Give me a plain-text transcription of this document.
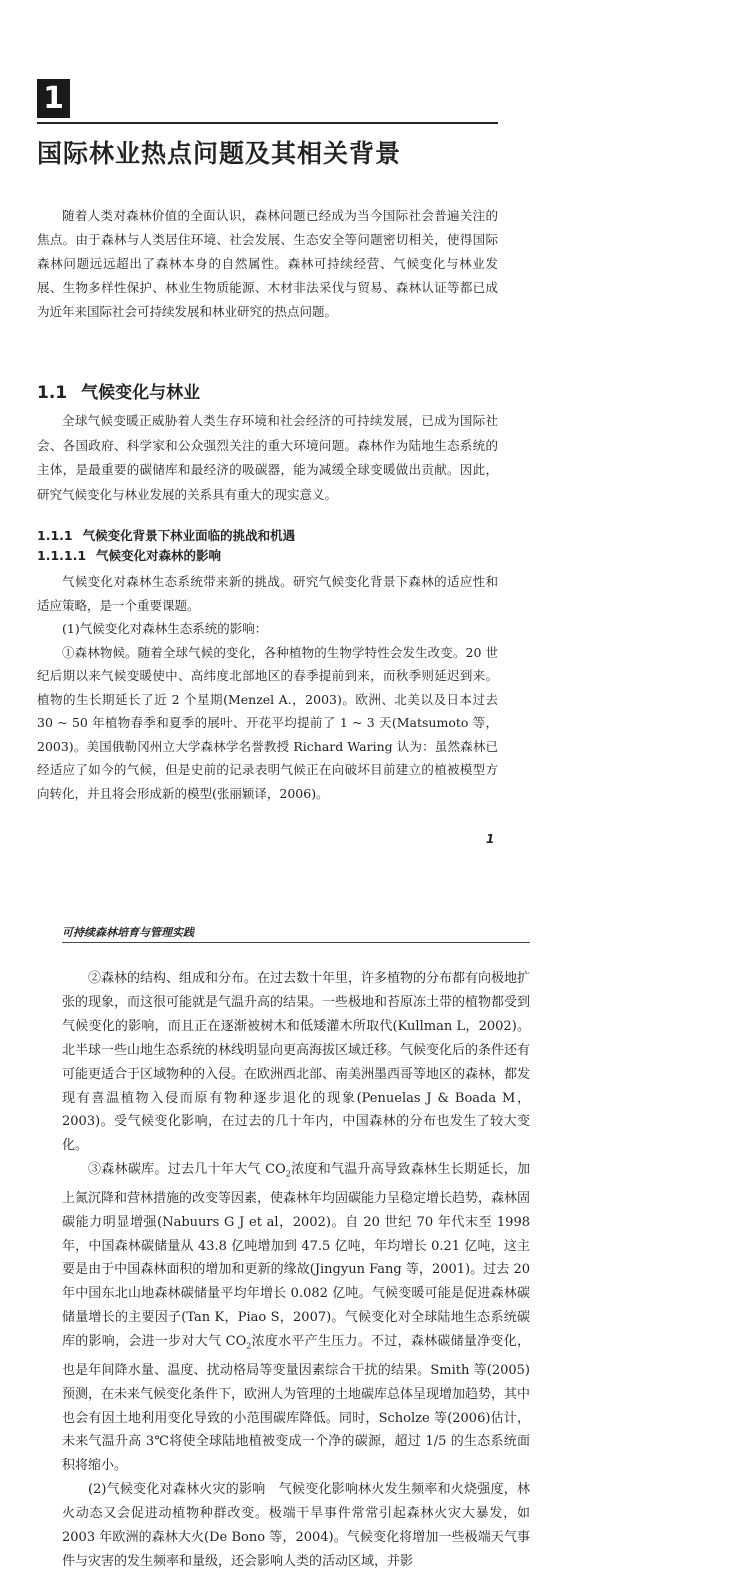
1
国际林业热点问题及其相关背景

随着人类对森林价值的全面认识，森林问题已经成为当今国际社会普遍关注的焦点。由于森林与人类居住环境、社会发展、生态安全等问题密切相关，使得国际森林问题远远超出了森林本身的自然属性。森林可持续经营、气候变化与林业发展、生物多样性保护、林业生物质能源、木材非法采伐与贸易、森林认证等都已成为近年来国际社会可持续发展和林业研究的热点问题。

1.1 气候变化与林业

全球气候变暖正威胁着人类生存环境和社会经济的可持续发展，已成为国际社会、各国政府、科学家和公众强烈关注的重大环境问题。森林作为陆地生态系统的主体，是最重要的碳储库和最经济的吸碳器，能为减缓全球变暖做出贡献。因此，研究气候变化与林业发展的关系具有重大的现实意义。

1.1.1 气候变化背景下林业面临的挑战和机遇
1.1.1.1 气候变化对森林的影响

气候变化对森林生态系统带来新的挑战。研究气候变化背景下森林的适应性和适应策略，是一个重要课题。

(1)气候变化对森林生态系统的影响：

①森林物候。随着全球气候的变化，各种植物的生物学特性会发生改变。20 世纪后期以来气候变暖使中、高纬度北部地区的春季提前到来，而秋季则延迟到来。植物的生长期延长了近 2 个星期(Menzel A.，2003)。欧洲、北美以及日本过去 30 ~ 50 年植物春季和夏季的展叶、开花平均提前了 1 ~ 3 天(Matsumoto 等，2003)。美国俄勒冈州立大学森林学名誉教授 Richard Waring 认为：虽然森林已经适应了如今的气候，但是史前的记录表明气候正在向破坏目前建立的植被模型方向转化，并且将会形成新的模型(张丽颖译，2006)。

1
可持续森林培育与管理实践

②森林的结构、组成和分布。在过去数十年里，许多植物的分布都有向极地扩张的现象，而这很可能就是气温升高的结果。一些极地和苔原冻土带的植物都受到气候变化的影响，而且正在逐渐被树木和低矮灌木所取代(Kullman L，2002)。北半球一些山地生态系统的林线明显向更高海拔区域迁移。气候变化后的条件还有可能更适合于区域物种的入侵。在欧洲西北部、南美洲墨西哥等地区的森林，都发现有喜温植物入侵而原有物种逐步退化的现象(Penuelas J & Boada M，2003)。受气候变化影响，在过去的几十年内，中国森林的分布也发生了较大变化。

③森林碳库。过去几十年大气 $CO_2$浓度和气温升高导致森林生长期延长，加上氮沉降和营林措施的改变等因素，使森林年均固碳能力呈稳定增长趋势，森林固碳能力明显增强(Nabuurs G J et al，2002)。自 20 世纪 70 年代末至 1998 年，中国森林碳储量从 43.8 亿吨增加到 47.5 亿吨，年均增长 0.21 亿吨，这主要是由于中国森林面积的增加和更新的缘故(Jingyun Fang 等，2001)。过去 20 年中国东北山地森林碳储量平均年增长 0.082 亿吨。气候变暖可能是促进森林碳储量增长的主要因子(Tan K，Piao S，2007)。气候变化对全球陆地生态系统碳库的影响，会进一步对大气 $CO_2$浓度水平产生压力。不过，森林碳储量净变化，也是年间降水量、温度、扰动格局等变量因素综合干扰的结果。Smith 等(2005)预测，在未来气候变化条件下，欧洲人为管理的土地碳库总体呈现增加趋势，其中也会有因土地利用变化导致的小范围碳库降低。同时，Scholze 等(2006)估计，未来气温升高 3℃将使全球陆地植被变成一个净的碳源，超过 1/5 的生态系统面积将缩小。

(2)气候变化对森林火灾的影响　气候变化影响林火发生频率和火烧强度，林火动态又会促进动植物种群改变。极端干旱事件常常引起森林火灾大暴发，如 2003 年欧洲的森林大火(De Bono 等，2004)。气候变化将增加一些极端天气事件与灾害的发生频率和量级，还会影响人类的活动区域，并影
